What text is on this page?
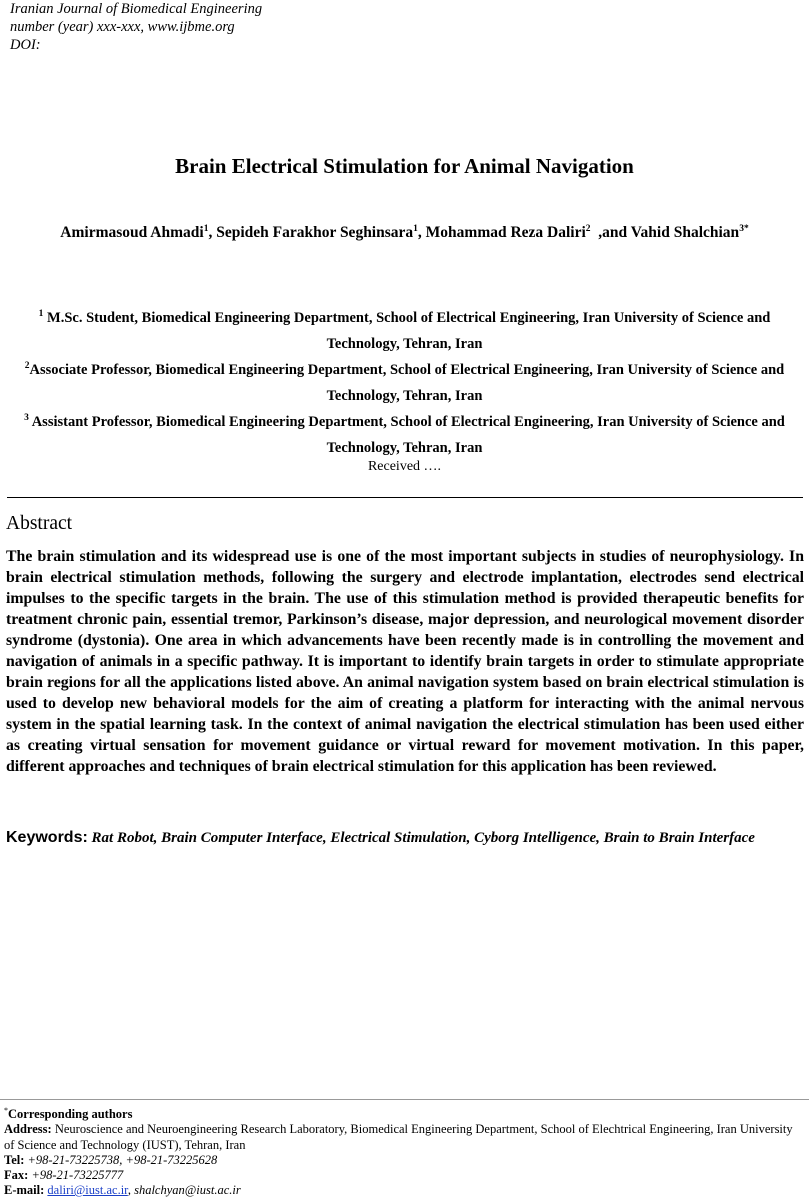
Iranian Journal of Biomedical Engineering
number (year) xxx-xxx, www.ijbme.org
DOI:
Brain Electrical Stimulation for Animal Navigation
Amirmasoud Ahmadi$^1$, Sepideh Farakhor Seghinsara$^1$, Mohammad Reza Daliri$^2$  ,and Vahid Shalchian$^{3*}$
$^1$ M.Sc. Student, Biomedical Engineering Department, School of Electrical Engineering, Iran University of Science and Technology, Tehran, Iran
$^2$Associate Professor, Biomedical Engineering Department, School of Electrical Engineering, Iran University of Science and Technology, Tehran, Iran
$^3$ Assistant Professor, Biomedical Engineering Department, School of Electrical Engineering, Iran University of Science and Technology, Tehran, Iran
Received ….
Abstract
The brain stimulation and its widespread use is one of the most important subjects in studies of neurophysiology. In brain electrical stimulation methods, following the surgery and electrode implantation, electrodes send electrical impulses to the specific targets in the brain. The use of this stimulation method is provided therapeutic benefits for treatment chronic pain, essential tremor, Parkinson’s disease, major depression, and neurological movement disorder syndrome (dystonia). One area in which advancements have been recently made is in controlling the movement and navigation of animals in a specific pathway. It is important to identify brain targets in order to stimulate appropriate brain regions for all the applications listed above. An animal navigation system based on brain electrical stimulation is used to develop new behavioral models for the aim of creating a platform for interacting with the animal nervous system in the spatial learning task. In the context of animal navigation the electrical stimulation has been used either as creating virtual sensation for movement guidance or virtual reward for movement motivation. In this paper, different approaches and techniques of brain electrical stimulation for this application has been reviewed.
Keywords: Rat Robot, Brain Computer Interface, Electrical Stimulation, Cyborg Intelligence, Brain to Brain Interface
*Corresponding authors
Address: Neuroscience and Neuroengineering Research Laboratory, Biomedical Engineering Department, School of Elechtrical Engineering, Iran University of Science and Technology (IUST), Tehran, Iran
Tel: +98-21-73225738, +98-21-73225628
Fax: +98-21-73225777
E-mail: daliri@iust.ac.ir, shalchyan@iust.ac.ir
